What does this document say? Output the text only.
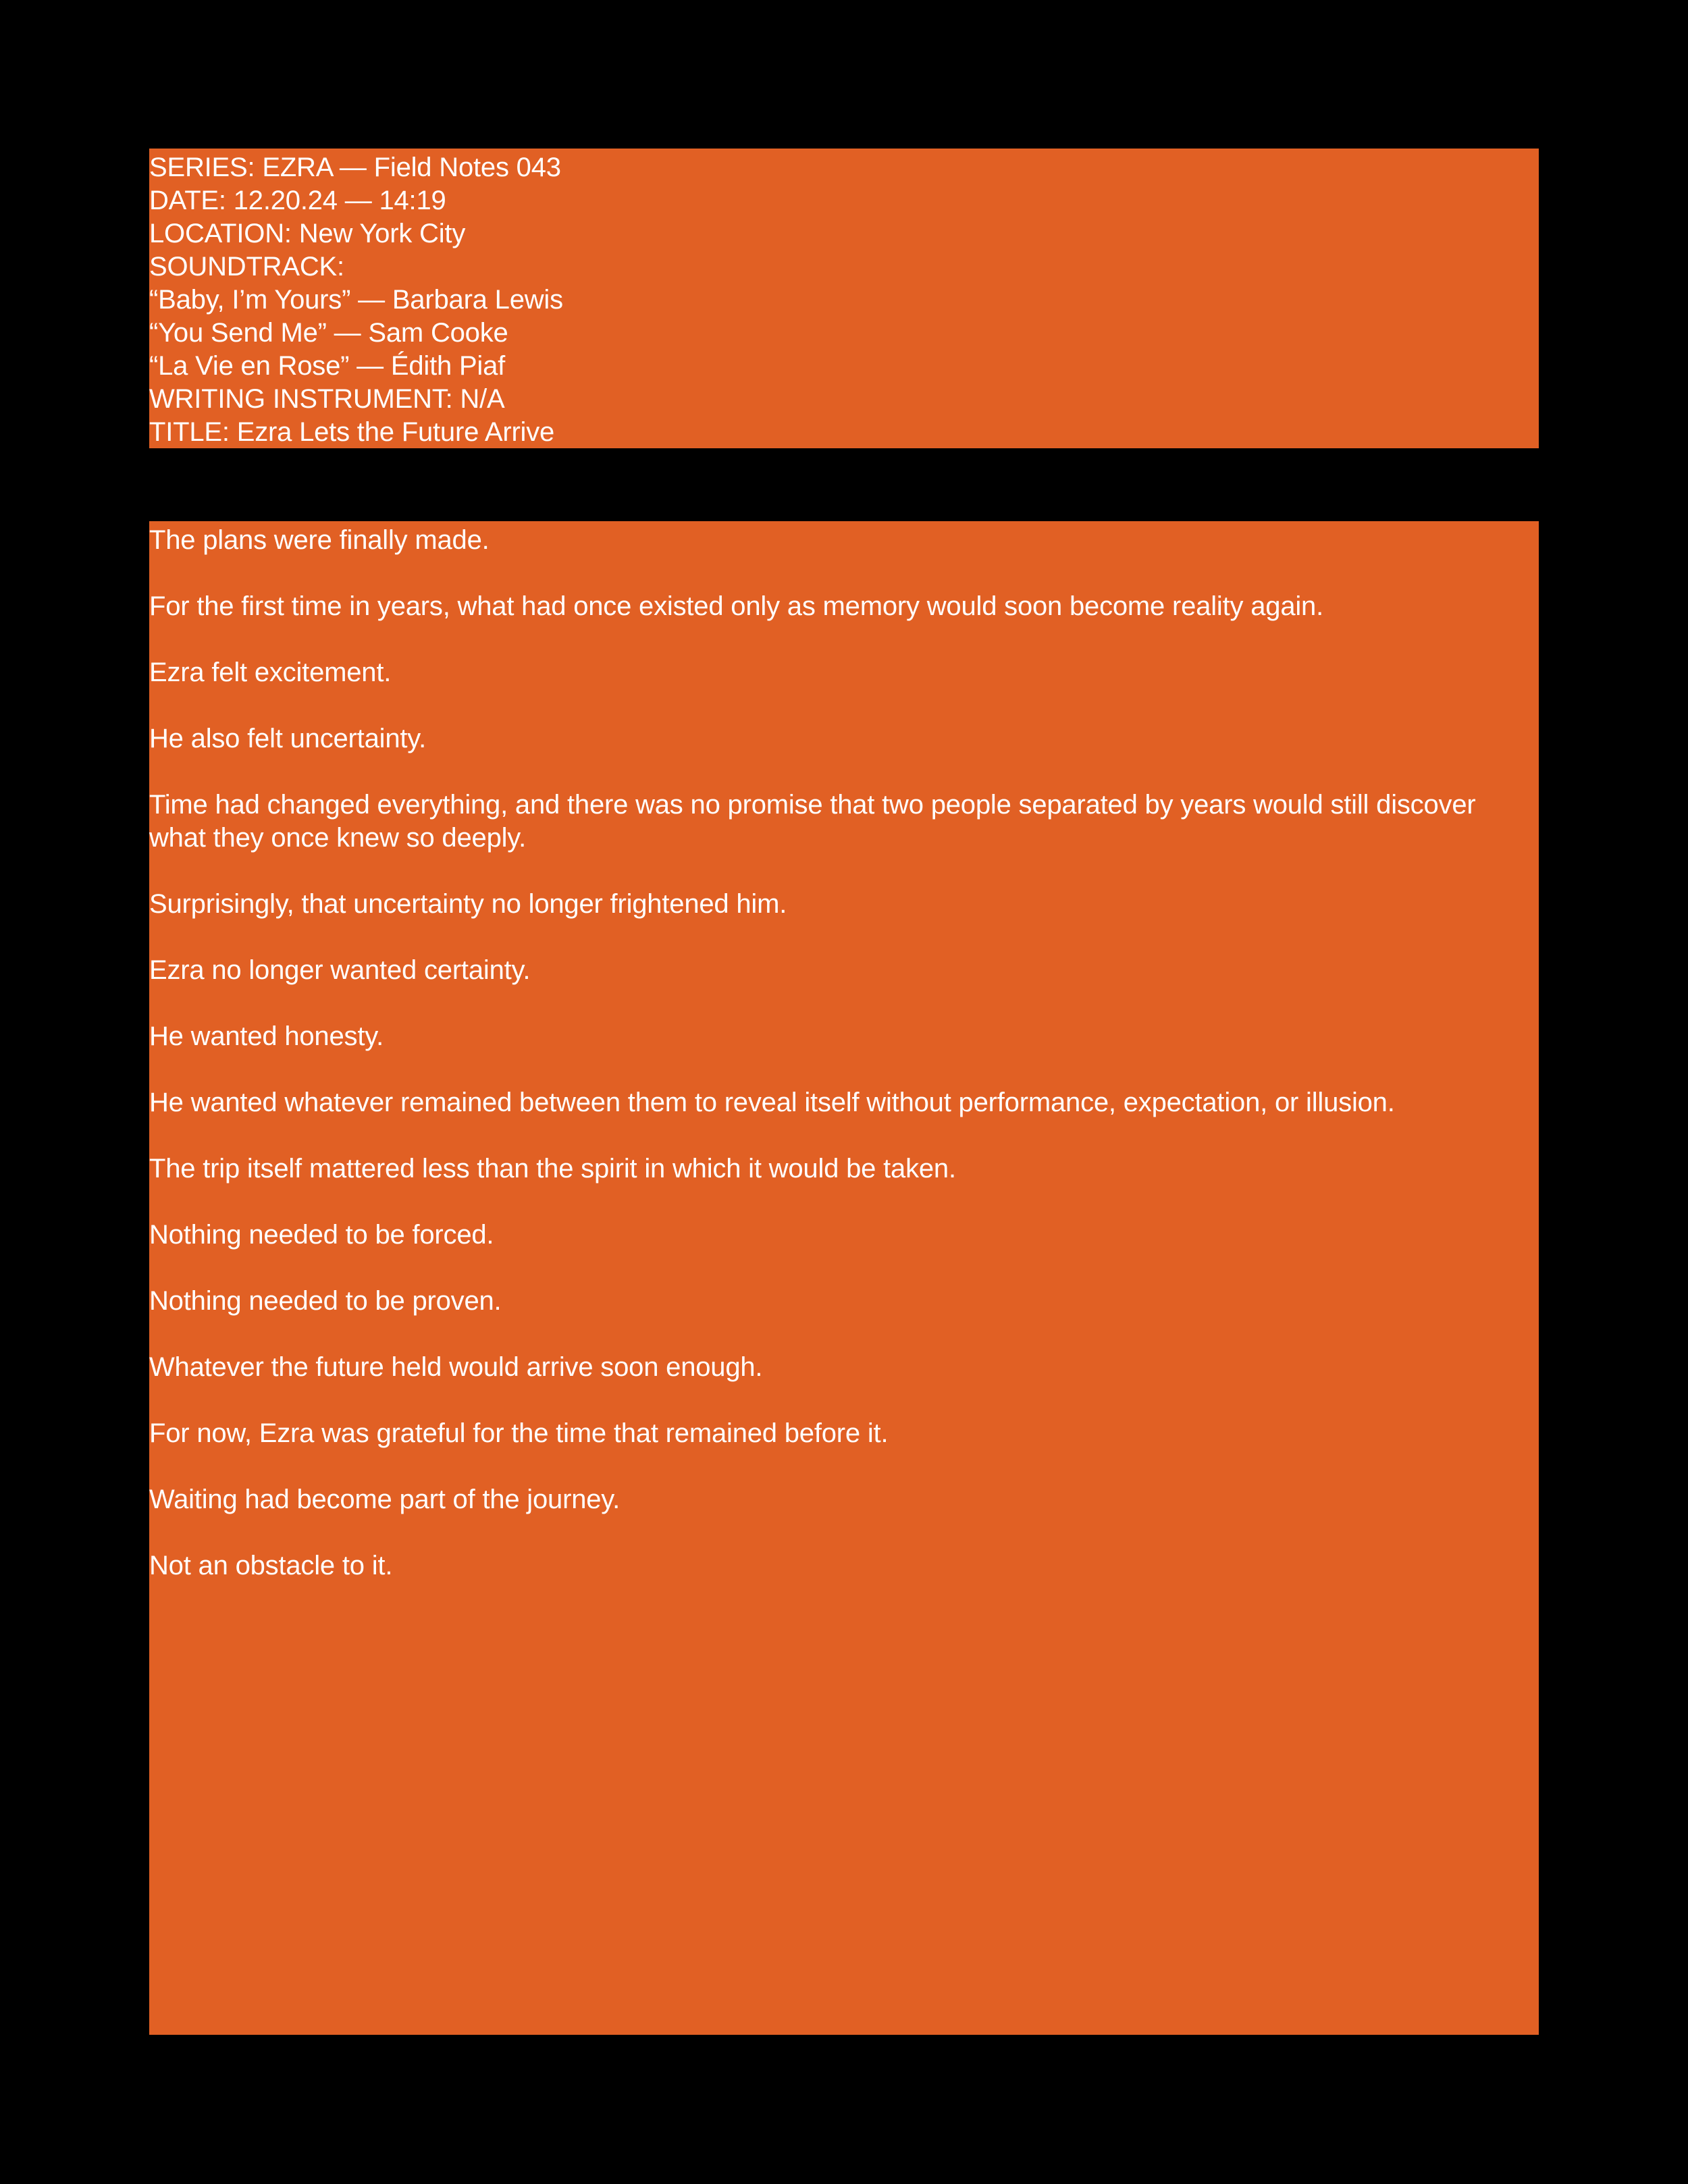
SERIES: EZRA — Field Notes 043
DATE: 12.20.24 — 14:19
LOCATION: New York City
SOUNDTRACK:
“Baby, I’m Yours” — Barbara Lewis
“You Send Me” — Sam Cooke
“La Vie en Rose” — Édith Piaf
WRITING INSTRUMENT: N/A
TITLE: Ezra Lets the Future Arrive

The plans were finally made.

For the first time in years, what had once existed only as memory would soon become reality again.

Ezra felt excitement.

He also felt uncertainty.

Time had changed everything, and there was no promise that two people separated by years would still discover what they once knew so deeply.

Surprisingly, that uncertainty no longer frightened him.

Ezra no longer wanted certainty.

He wanted honesty.

He wanted whatever remained between them to reveal itself without performance, expectation, or illusion.

The trip itself mattered less than the spirit in which it would be taken.

Nothing needed to be forced.

Nothing needed to be proven.

Whatever the future held would arrive soon enough.

For now, Ezra was grateful for the time that remained before it.

Waiting had become part of the journey.

Not an obstacle to it.
